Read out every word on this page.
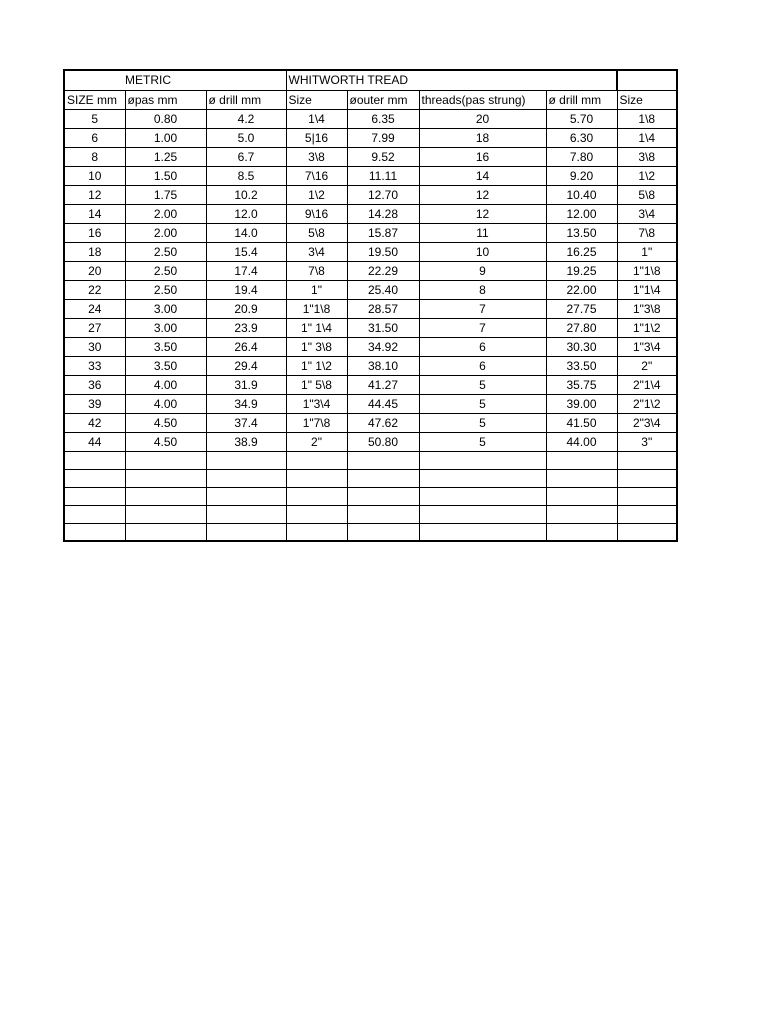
METRIC			WHITWORTH TREAD				
SIZE mm	øpas mm	ø drill mm	Size	øouter mm	threads(pas strung)	ø drill mm	Size
5	0.80	4.2	1\4	6.35	20	5.70	1\8
6	1.00	5.0	5|16	7.99	18	6.30	1\4
8	1.25	6.7	3\8	9.52	16	7.80	3\8
10	1.50	8.5	7\16	11.11	14	9.20	1\2
12	1.75	10.2	1\2	12.70	12	10.40	5\8
14	2.00	12.0	9\16	14.28	12	12.00	3\4
16	2.00	14.0	5\8	15.87	11	13.50	7\8
18	2.50	15.4	3\4	19.50	10	16.25	1"
20	2.50	17.4	7\8	22.29	9	19.25	1"1\8
22	2.50	19.4	1"	25.40	8	22.00	1"1\4
24	3.00	20.9	1"1\8	28.57	7	27.75	1"3\8
27	3.00	23.9	1" 1\4	31.50	7	27.80	1"1\2
30	3.50	26.4	1" 3\8	34.92	6	30.30	1"3\4
33	3.50	29.4	1" 1\2	38.10	6	33.50	2"
36	4.00	31.9	1" 5\8	41.27	5	35.75	2"1\4
39	4.00	34.9	1"3\4	44.45	5	39.00	2"1\2
42	4.50	37.4	1"7\8	47.62	5	41.50	2"3\4
44	4.50	38.9	2"	50.80	5	44.00	3"
